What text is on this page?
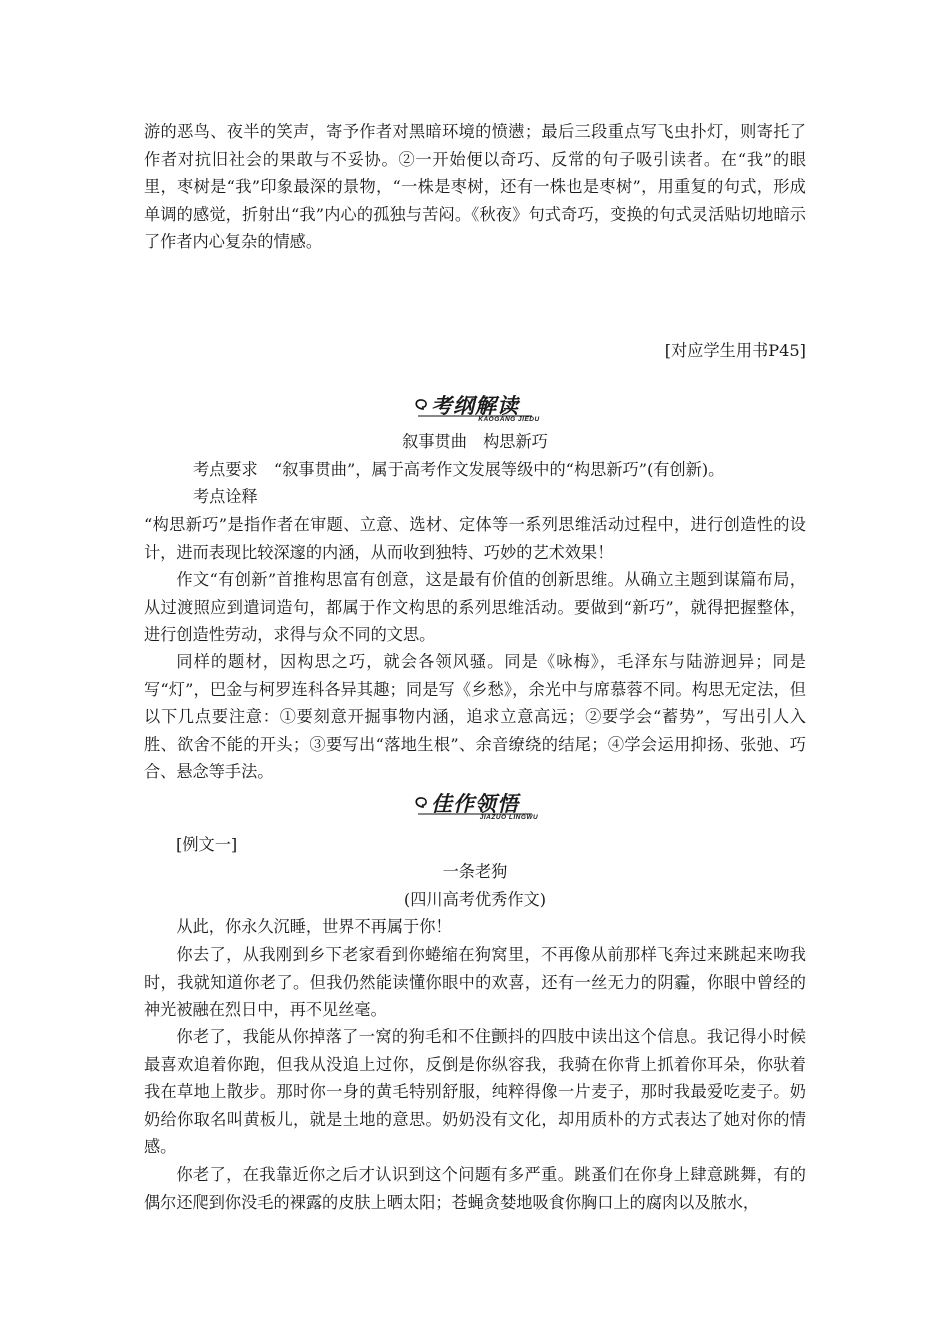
游的恶鸟、夜半的笑声，寄予作者对黑暗环境的愤懑；最后三段重点写飞虫扑灯，则寄托了作者对抗旧社会的果敢与不妥协。②一开始便以奇巧、反常的句子吸引读者。在“我”的眼里，枣树是“我”印象最深的景物，“一株是枣树，还有一株也是枣树”，用重复的句式，形成单调的感觉，折射出“我”内心的孤独与苦闷。《秋夜》句式奇巧，变换的句式灵活贴切地暗示了作者内心复杂的情感。

[对应学生用书P45]

考纲解读
KAOGANG JIEDU

叙事贯曲　构思新巧

考点要求　“叙事贯曲”，属于高考作文发展等级中的“构思新巧”(有创新)。

考点诠释

“构思新巧”是指作者在审题、立意、选材、定体等一系列思维活动过程中，进行创造性的设计，进而表现比较深邃的内涵，从而收到独特、巧妙的艺术效果！

作文“有创新”首推构思富有创意，这是最有价值的创新思维。从确立主题到谋篇布局，从过渡照应到遣词造句，都属于作文构思的系列思维活动。要做到“新巧”，就得把握整体，进行创造性劳动，求得与众不同的文思。

同样的题材，因构思之巧，就会各领风骚。同是《咏梅》，毛泽东与陆游迥异；同是写“灯”，巴金与柯罗连科各异其趣；同是写《乡愁》，余光中与席慕蓉不同。构思无定法，但以下几点要注意：①要刻意开掘事物内涵，追求立意高远；②要学会“蓄势”，写出引人入胜、欲舍不能的开头；③要写出“落地生根”、余音缭绕的结尾；④学会运用抑扬、张弛、巧合、悬念等手法。

佳作领悟
JIAZUO LINGWU

[例文一]

一条老狗

(四川高考优秀作文)

从此，你永久沉睡，世界不再属于你！

你去了，从我刚到乡下老家看到你蜷缩在狗窝里，不再像从前那样飞奔过来跳起来吻我时，我就知道你老了。但我仍然能读懂你眼中的欢喜，还有一丝无力的阴霾，你眼中曾经的神光被融在烈日中，再不见丝毫。

你老了，我能从你掉落了一窝的狗毛和不住颤抖的四肢中读出这个信息。我记得小时候最喜欢追着你跑，但我从没追上过你，反倒是你纵容我，我骑在你背上抓着你耳朵，你驮着我在草地上散步。那时你一身的黄毛特别舒服，纯粹得像一片麦子，那时我最爱吃麦子。奶奶给你取名叫黄板儿，就是土地的意思。奶奶没有文化，却用质朴的方式表达了她对你的情感。

你老了，在我靠近你之后才认识到这个问题有多严重。跳蚤们在你身上肆意跳舞，有的偶尔还爬到你没毛的裸露的皮肤上晒太阳；苍蝇贪婪地吸食你胸口上的腐肉以及脓水，
